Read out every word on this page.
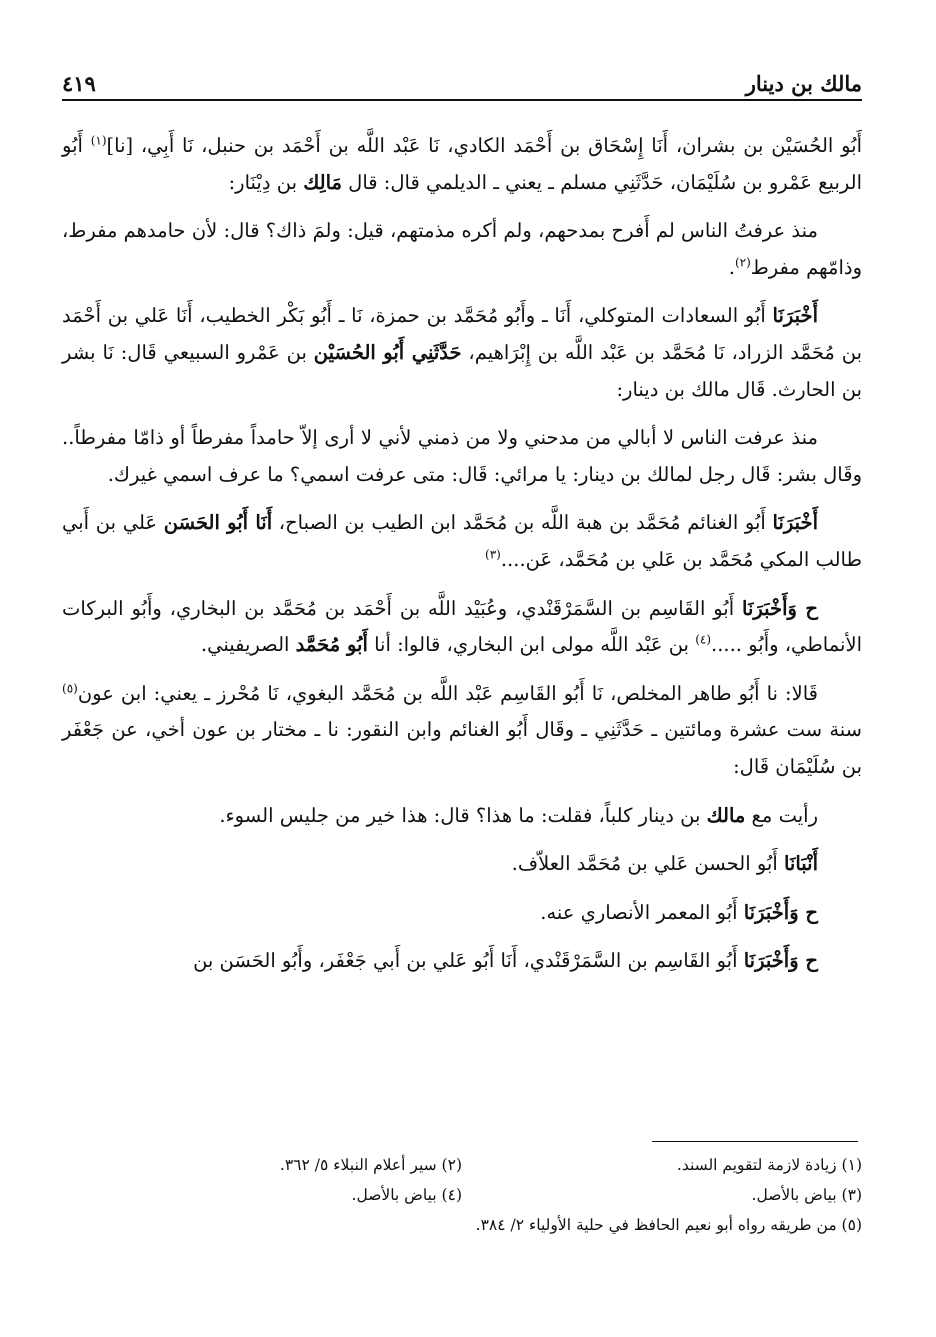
مالك بن دينار
٤١٩

أَبُو الحُسَيْن بن بشران، أَنَا إِسْحَاق بن أَحْمَد الكادي، نَا عَبْد اللَّه بن أَحْمَد بن حنبل، نَا أَبِي، [نا]$^{(١)}$ أَبُو الربيع عَمْرو بن سُلَيْمَان، حَدَّثَنِي مسلم ـ يعني ـ الديلمي قال: قال مَالِك بن دِيْنَار:

منذ عرفتُ الناس لم أَفرح بمدحهم، ولم أكره مذمتهم، قيل: ولمَ ذاك؟ قال: لأن حامدهم مفرط، وذامّهم مفرط$^{(٢)}$.

أَخْبَرَنَا أَبُو السعادات المتوكلي، أَنَا ـ وأَبُو مُحَمَّد بن حمزة، نَا ـ أَبُو بَكْر الخطيب، أَنَا عَلي بن أَحْمَد بن مُحَمَّد الزراد، نَا مُحَمَّد بن عَبْد اللَّه بن إِبْرَاهيم، حَدَّثَنِي أَبُو الحُسَيْن بن عَمْرو السبيعي قَال: نَا بشر بن الحارث. قَال مالك بن دينار:

منذ عرفت الناس لا أبالي من مدحني ولا من ذمني لأني لا أرى إلاّ حامداً مفرطاً أو ذامّا مفرطاً.. وقَال بشر: قَال رجل لمالك بن دينار: يا مرائي: قَال: متى عرفت اسمي؟ ما عرف اسمي غيرك.

أَخْبَرَنَا أَبُو الغنائم مُحَمَّد بن هبة اللَّه بن مُحَمَّد ابن الطيب بن الصباح، أَنَا أَبُو الحَسَن عَلي بن أَبي طالب المكي مُحَمَّد بن عَلي بن مُحَمَّد، عَن....$^{(٣)}$

ح وَأَخْبَرَنَا أَبُو القَاسِم بن السَّمَرْقَنْدي، وعُبَيْد اللَّه بن أَحْمَد بن مُحَمَّد بن البخاري، وأَبُو البركات الأنماطي، وأَبُو .....$^{(٤)}$ بن عَبْد اللَّه مولى ابن البخاري، قالوا: أنا أَبُو مُحَمَّد الصريفيني.

قَالا: نا أَبُو طاهر المخلص، نَا أَبُو القَاسِم عَبْد اللَّه بن مُحَمَّد البغوي، نَا مُحْرز ـ يعني: ابن عون$^{(٥)}$ سنة ست عشرة ومائتين ـ حَدَّثَنِي ـ وقَال أَبُو الغنائم وابن النقور: نا ـ مختار بن عون أخي، عن جَعْفَر بن سُلَيْمَان قَال:

رأيت مع مالك بن دينار كلباً، فقلت: ما هذا؟ قال: هذا خير من جليس السوء.

أَنْبَانَا أَبُو الحسن عَلي بن مُحَمَّد العلاّف.

ح وَأَخْبَرَنَا أَبُو المعمر الأنصاري عنه.

ح وَأَخْبَرَنَا أَبُو القَاسِم بن السَّمَرْقَنْدي، أَنَا أَبُو عَلي بن أَبي جَعْفَر، وأَبُو الحَسَن بن

(١) زيادة لازمة لتقويم السند.
(٢) سير أعلام النبلاء ٥/ ٣٦٢.
(٣) بياض بالأصل.
(٤) بياض بالأصل.
(٥) من طريقه رواه أبو نعيم الحافظ في حلية الأولياء ٢/ ٣٨٤.
